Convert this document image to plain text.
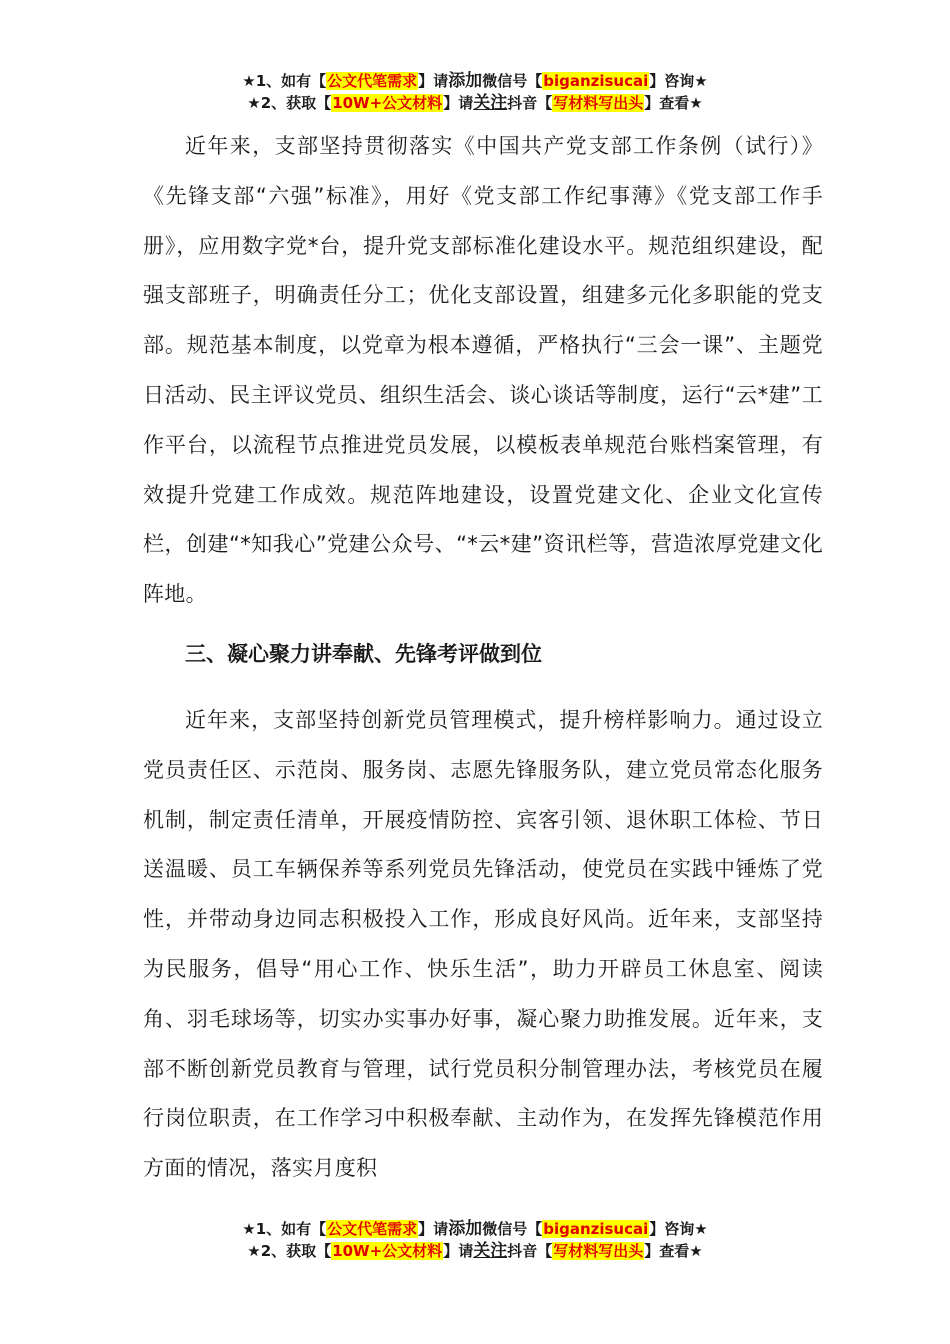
★1、如有【公文代笔需求】请添加微信号【biganzisucai】咨询★
★2、获取【10W+公文材料】请关注抖音【写材料写出头】查看★
近年来，支部坚持贯彻落实《中国共产党支部工作条例（试行）》《先锋支部“六强”标准》，用好《党支部工作纪事薄》《党支部工作手册》，应用数字党*台，提升党支部标准化建设水平。规范组织建设，配强支部班子，明确责任分工；优化支部设置，组建多元化多职能的党支部。规范基本制度，以党章为根本遵循，严格执行“三会一课”、主题党日活动、民主评议党员、组织生活会、谈心谈话等制度，运行“云*建”工作平台，以流程节点推进党员发展，以模板表单规范台账档案管理，有效提升党建工作成效。规范阵地建设，设置党建文化、企业文化宣传栏，创建“*知我心”党建公众号、“*云*建”资讯栏等，营造浓厚党建文化阵地。
三、凝心聚力讲奉献、先锋考评做到位
近年来，支部坚持创新党员管理模式，提升榜样影响力。通过设立党员责任区、示范岗、服务岗、志愿先锋服务队，建立党员常态化服务机制，制定责任清单，开展疫情防控、宾客引领、退休职工体检、节日送温暖、员工车辆保养等系列党员先锋活动，使党员在实践中锤炼了党性，并带动身边同志积极投入工作，形成良好风尚。近年来，支部坚持为民服务，倡导“用心工作、快乐生活”，助力开辟员工休息室、阅读角、羽毛球场等，切实办实事办好事，凝心聚力助推发展。近年来，支部不断创新党员教育与管理，试行党员积分制管理办法，考核党员在履行岗位职责，在工作学习中积极奉献、主动作为，在发挥先锋模范作用方面的情况，落实月度积
★1、如有【公文代笔需求】请添加微信号【biganzisucai】咨询★
★2、获取【10W+公文材料】请关注抖音【写材料写出头】查看★
